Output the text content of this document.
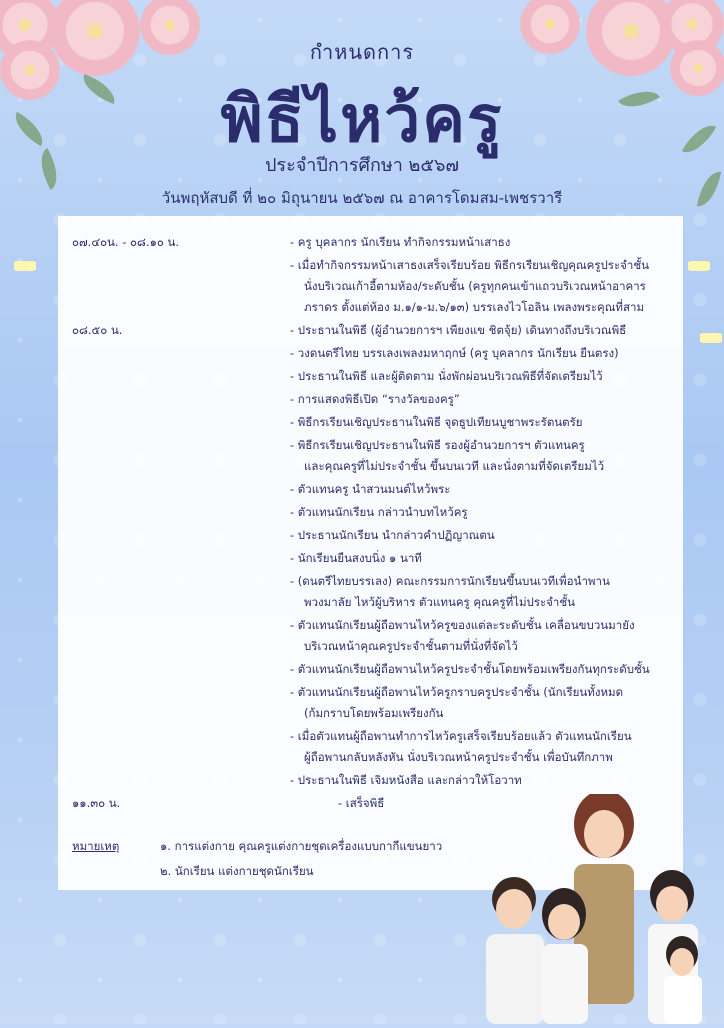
กำหนดการ
พิธีไหว้ครู
ประจำปีการศึกษา ๒๕๖๗
วันพฤหัสบดี ที่ ๒๐ มิถุนายน ๒๕๖๗ ณ อาคารโดมสม-เพชรวารี
๐๗.๔๐น. - ๐๘.๑๐ น.	- ครู บุคลากร นักเรียน ทำกิจกรรมหน้าเสาธง
- เมื่อทำกิจกรรมหน้าเสาธงเสร็จเรียบร้อย พิธีกรเรียนเชิญคุณครูประจำชั้น
นั่งบริเวณเก้าอี้ตามห้อง/ระดับชั้น (ครูทุกคนเข้าแถวบริเวณหน้าอาคาร
ภราดร ตั้งแต่ห้อง ม.๑/๑-ม.๖/๑๓) บรรเลงไวโอลิน เพลงพระคุณที่สาม
๐๘.๕๐ น.	- ประธานในพิธี (ผู้อำนวยการฯ เพียงแข ชิตจุ้ย) เดินทางถึงบริเวณพิธี
- วงดนตรีไทย บรรเลงเพลงมหาฤกษ์ (ครู บุคลากร นักเรียน ยืนตรง)
- ประธานในพิธี และผู้ติดตาม นั่งพักผ่อนบริเวณพิธีที่จัดเตรียมไว้
- การแสดงพิธีเปิด “รางวัลของครู”
- พิธีกรเรียนเชิญประธานในพิธี จุดธูปเทียนบูชาพระรัตนตรัย
- พิธีกรเรียนเชิญประธานในพิธี รองผู้อำนวยการฯ ตัวแทนครู
และคุณครูที่ไม่ประจำชั้น ขึ้นบนเวที และนั่งตามที่จัดเตรียมไว้
- ตัวแทนครู นำสวนมนต์ไหว้พระ
- ตัวแทนนักเรียน กล่าวนำบทไหว้ครู
- ประธานนักเรียน นำกล่าวคำปฏิญาณตน
- นักเรียนยืนสงบนิ่ง ๑ นาที
- (ดนตรีไทยบรรเลง) คณะกรรมการนักเรียนขึ้นบนเวทีเพื่อนำพาน
พวงมาลัย ไหว้ผู้บริหาร ตัวแทนครู คุณครูที่ไม่ประจำชั้น
- ตัวแทนนักเรียนผู้ถือพานไหว้ครูของแต่ละระดับชั้น เคลื่อนขบวนมายัง
บริเวณหน้าคุณครูประจำชั้นตามที่นั่งที่จัดไว้
- ตัวแทนนักเรียนผู้ถือพานไหว้ครูประจำชั้นโดยพร้อมเพรียงกันทุกระดับชั้น
- ตัวแทนนักเรียนผู้ถือพานไหว้ครูกราบครูประจำชั้น (นักเรียนทั้งหมด
(ก้มกราบโดยพร้อมเพรียงกัน
- เมื่อตัวแทนผู้ถือพานทำการไหว้ครูเสร็จเรียบร้อยแล้ว ตัวแทนนักเรียน
ผู้ถือพานกลับหลังหัน นั่งบริเวณหน้าครูประจำชั้น เพื่อบันทึกภาพ
- ประธานในพิธี เจิมหนังสือ และกล่าวให้โอวาท
๑๑.๓๐ น.	- เสร็จพิธี
หมายเหตุ	๑. การแต่งกาย คุณครูแต่งกายชุดเครื่องแบบกากีแขนยาว
๒. นักเรียน แต่งกายชุดนักเรียน
